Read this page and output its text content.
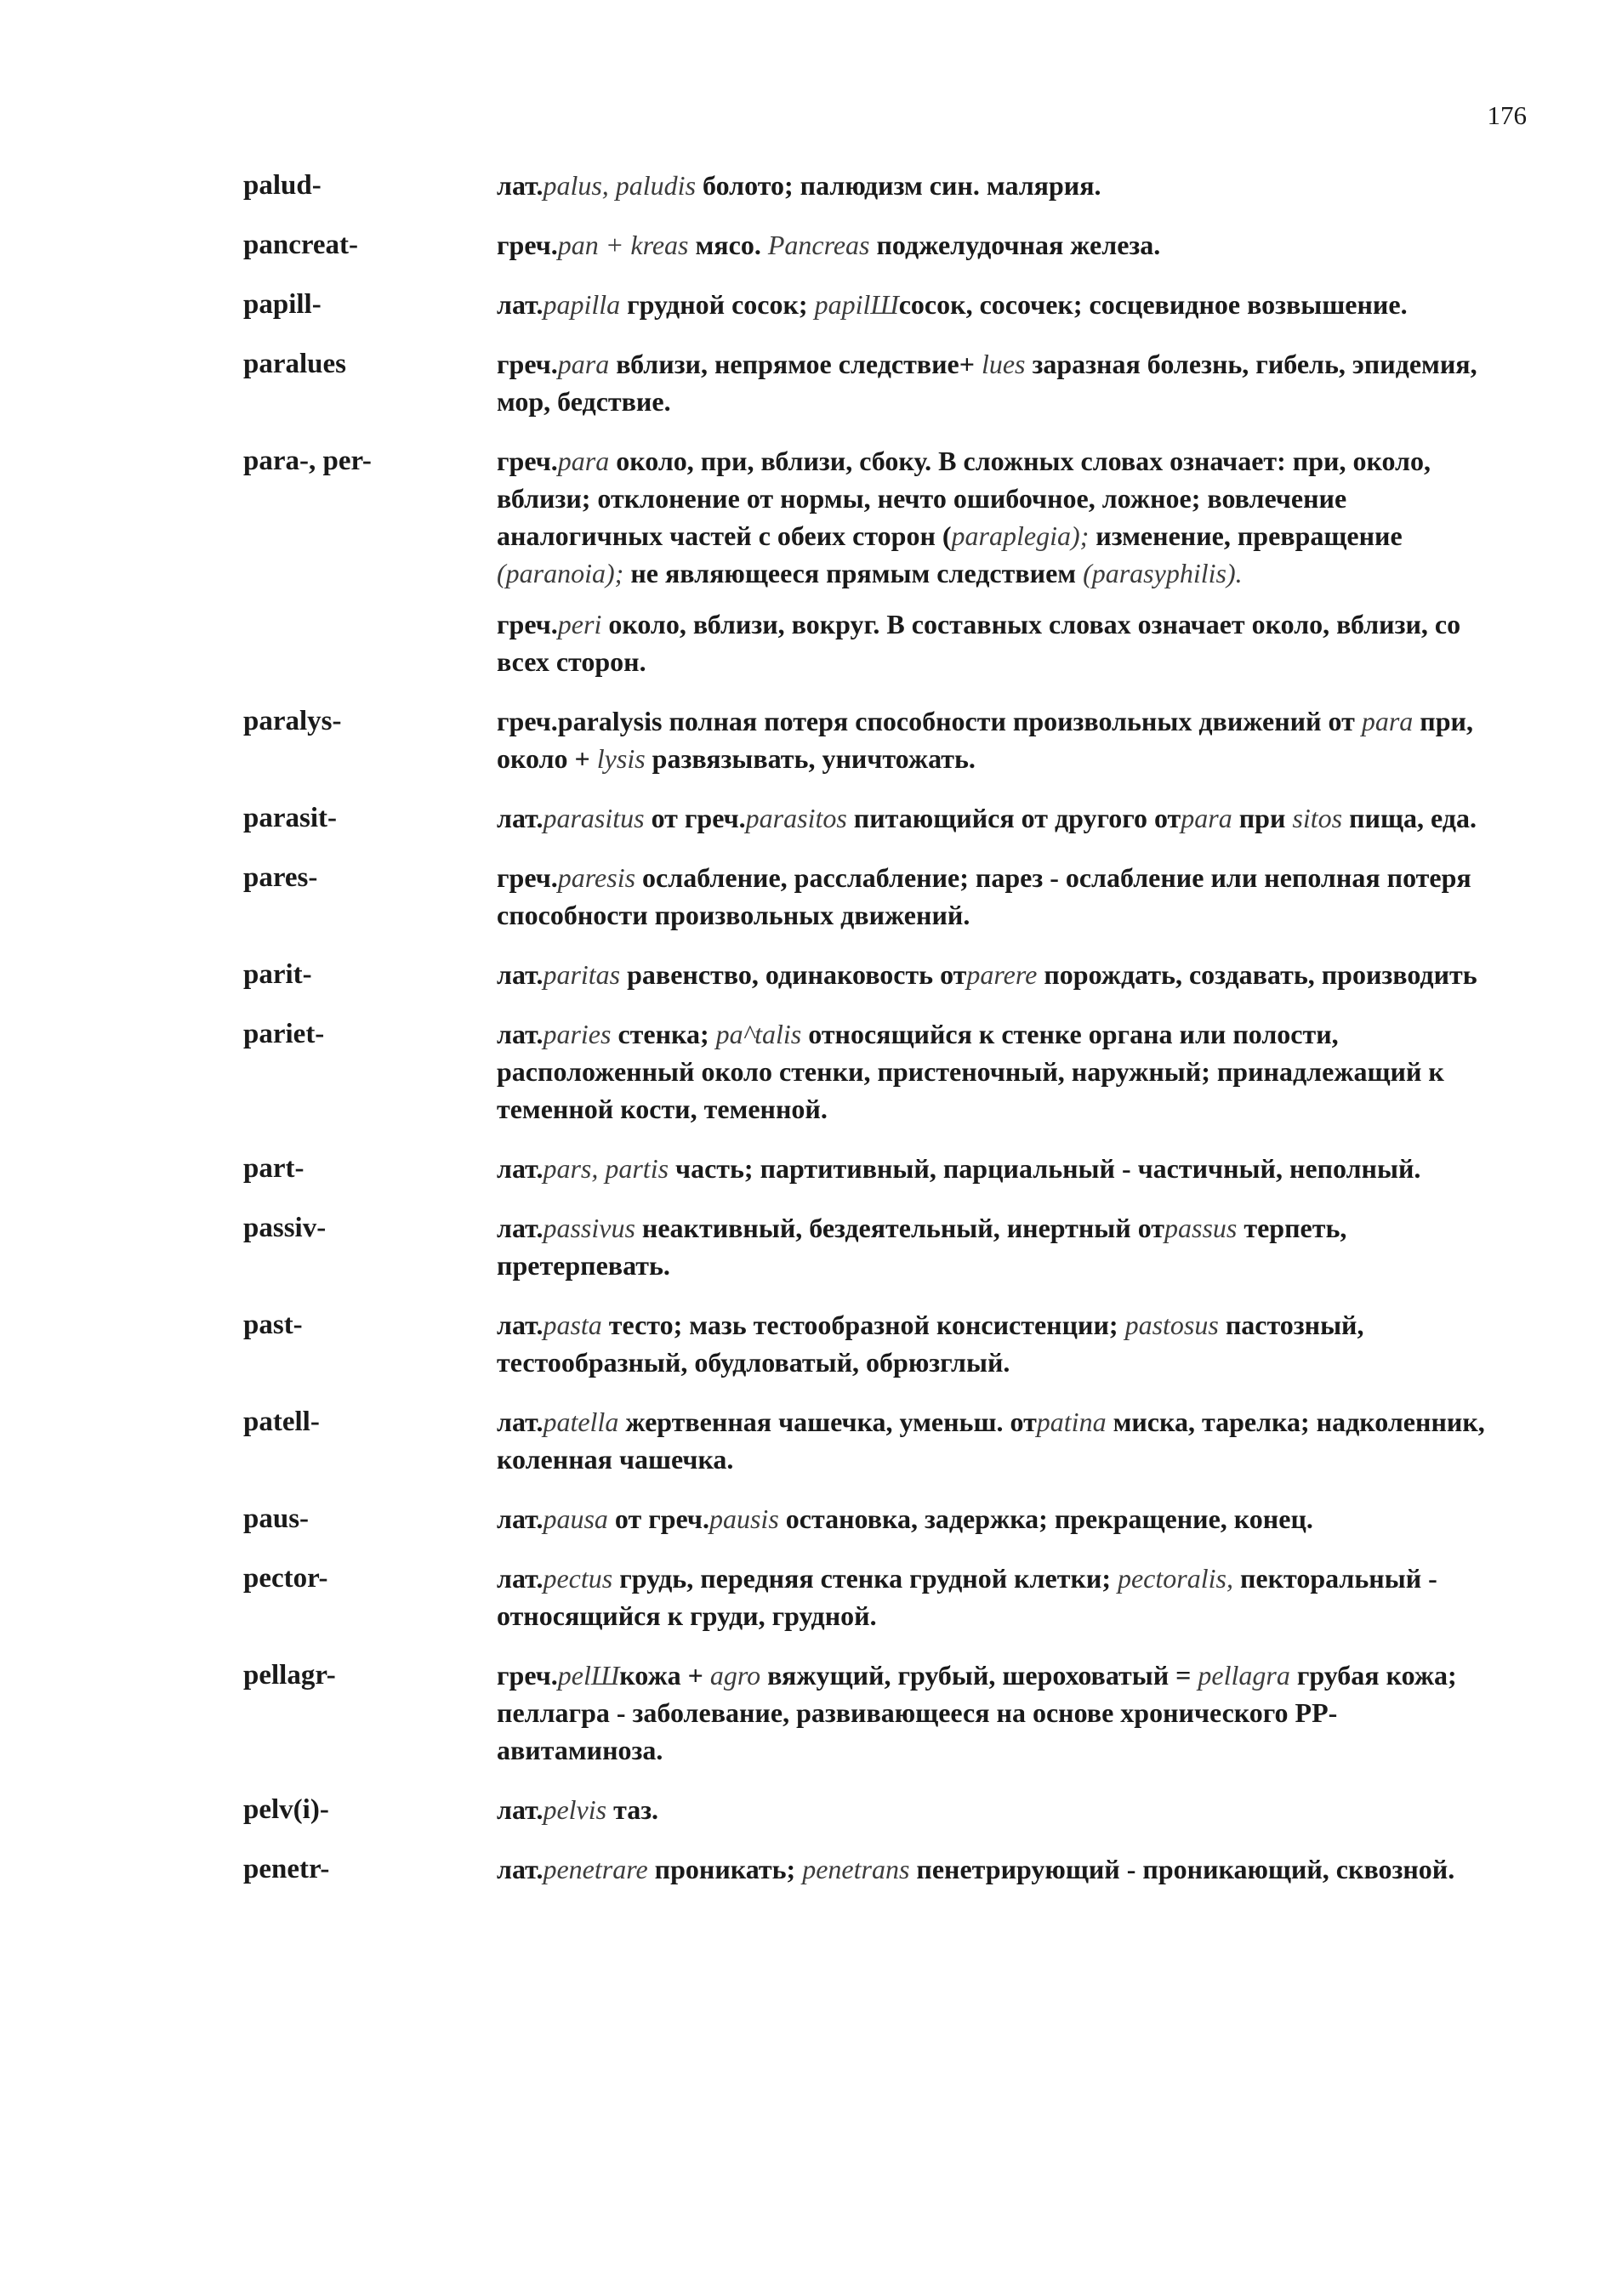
176
palud-	лат.palus, paludis болото; палюдизм син. малярия.
pancreat-	греч.pan + kreas мясо. Pancreas поджелудочная железа.
papill-	лат.papilla грудной сосок; papilШсосок, сосочек; сосцевидное возвышение.
paralues	греч.para вблизи, непрямое следствие+ lues заразная болезнь, гибель, эпидемия, мор, бедствие.
para-, per-	греч.para около, при, вблизи, сбоку. В сложных словах означает: при, около, вблизи; отклонение от нормы, нечто ошибочное, ложное; вовлечение аналогичных частей с обеих сторон (paraplegia); изменение, превращение (paranoia); не являющееся прямым следствием (parasyphilis).
греч.peri около, вблизи, вокруг. В составных словах означает около, вблизи, со всех сторон.
paralys-	греч.paralysis полная потеря способности произвольных движений от para при, около + lysis развязывать, уничтожать.
parasit-	лат.parasitus от греч.parasitos питающийся от другого отpara при sitos пища, еда.
pares-	греч.paresis ослабление, расслабление; парез - ослабление или неполная потеря способности произвольных движений.
parit-	лат.paritas равенство, одинаковость отparere порождать, создавать, производить
pariet-	лат.paries стенка; pa^talis относящийся к стенке органа или полости, расположенный около стенки, пристеночный, наружный; принадлежащий к теменной кости, теменной.
part-	лат.pars, partis часть; партитивный, парциальный - частичный, неполный.
passiv-	лат.passivus неактивный, бездеятельный, инертный отpassus терпеть, претерпевать.
past-	лат.pasta тесто; мазь тестообразной консистенции; pastosus пастозный, тестообразный, обудловатый, обрюзглый.
patell-	лат.patella жертвенная чашечка, уменьш. отpatina миска, тарелка; надколенник, коленная чашечка.
paus-	лат.pausa от греч.pausis остановка, задержка; прекращение, конец.
pector-	лат.pectus грудь, передняя стенка грудной клетки; pectoralis, пекторальный - относящийся к груди, грудной.
pellagr-	греч.pelШкожа + agro вяжущий, грубый, шероховатый = pellagra грубая кожа; пеллагра - заболевание, развивающееся на основе хронического РР- авитаминоза.
pelv(i)-	лат.pelvis таз.
penetr-	лат.penetrare проникать; penetrans пенетрирующий - проникающий, сквозной.
